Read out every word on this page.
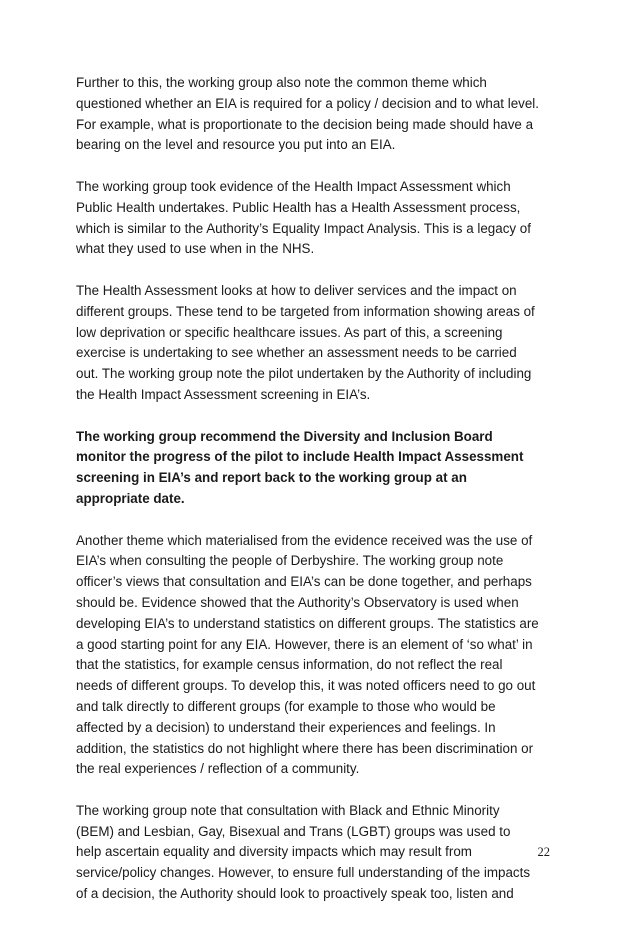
Further to this, the working group also note the common theme which
questioned whether an EIA is required for a policy / decision and to what level.
For example, what is proportionate to the decision being made should have a
bearing on the level and resource you put into an EIA.

The working group took evidence of the Health Impact Assessment which
Public Health undertakes. Public Health has a Health Assessment process,
which is similar to the Authority’s Equality Impact Analysis. This is a legacy of
what they used to use when in the NHS.

The Health Assessment looks at how to deliver services and the impact on
different groups. These tend to be targeted from information showing areas of
low deprivation or specific healthcare issues. As part of this, a screening
exercise is undertaking to see whether an assessment needs to be carried
out. The working group note the pilot undertaken by the Authority of including
the Health Impact Assessment screening in EIA’s.

The working group recommend the Diversity and Inclusion Board
monitor the progress of the pilot to include Health Impact Assessment
screening in EIA’s and report back to the working group at an
appropriate date.

Another theme which materialised from the evidence received was the use of
EIA’s when consulting the people of Derbyshire. The working group note
officer’s views that consultation and EIA’s can be done together, and perhaps
should be. Evidence showed that the Authority’s Observatory is used when
developing EIA’s to understand statistics on different groups. The statistics are
a good starting point for any EIA. However, there is an element of ‘so what’ in
that the statistics, for example census information, do not reflect the real
needs of different groups. To develop this, it was noted officers need to go out
and talk directly to different groups (for example to those who would be
affected by a decision) to understand their experiences and feelings. In
addition, the statistics do not highlight where there has been discrimination or
the real experiences / reflection of a community.

The working group note that consultation with Black and Ethnic Minority
(BEM) and Lesbian, Gay, Bisexual and Trans (LGBT) groups was used to
help ascertain equality and diversity impacts which may result from
service/policy changes. However, to ensure full understanding of the impacts
of a decision, the Authority should look to proactively speak too, listen and

22
